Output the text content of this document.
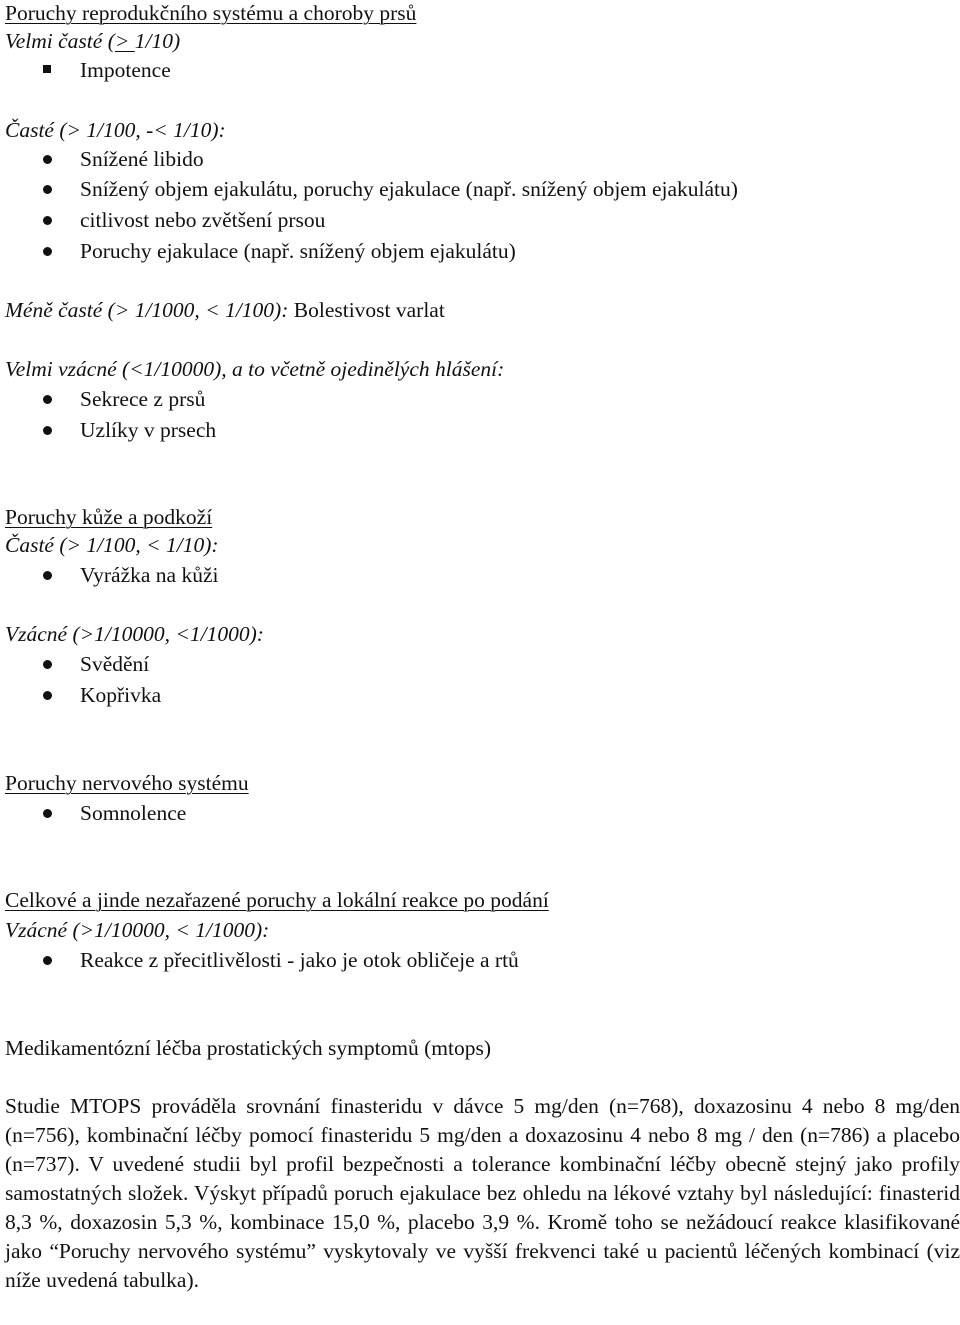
Poruchy reprodukčního systému a choroby prsů
Velmi časté (> 1/10)
Impotence
Časté (> 1/100, -< 1/10):
Snížené libido
Snížený objem ejakulátu, poruchy ejakulace (např. snížený objem ejakulátu)
citlivost nebo zvětšení prsou
Poruchy ejakulace (např. snížený objem ejakulátu)
Méně časté (> 1/1000, < 1/100): Bolestivost varlat
Velmi vzácné (<1/10000), a to včetně ojedinělých hlášení:
Sekrece z prsů
Uzlíky v prsech
Poruchy kůže a podkoží
Časté (> 1/100, < 1/10):
Vyrážka na kůži
Vzácné (>1/10000, <1/1000):
Svědění
Kopřivka
Poruchy nervového systému
Somnolence
Celkové a jinde nezařazené poruchy a lokální reakce po podání
Vzácné (>1/10000, < 1/1000):
Reakce z přecitlivělosti - jako je otok obličeje a rtů
Medikamentózní léčba prostatických symptomů (mtops)

Studie MTOPS prováděla srovnání finasteridu v dávce 5 mg/den (n=768), doxazosinu 4 nebo 8 mg/den (n=756), kombinační léčby pomocí finasteridu 5 mg/den a doxazosinu 4 nebo 8 mg / den (n=786) a placebo (n=737). V uvedené studii byl profil bezpečnosti a tolerance kombinační léčby obecně stejný jako profily samostatných složek. Výskyt případů poruch ejakulace bez ohledu na lékové vztahy byl následující: finasterid 8,3 %, doxazosin 5,3 %, kombinace 15,0 %, placebo 3,9 %. Kromě toho se nežádoucí reakce klasifikované jako “Poruchy nervového systému” vyskytovaly ve vyšší frekvenci také u pacientů léčených kombinací (viz níže uvedená tabulka).
